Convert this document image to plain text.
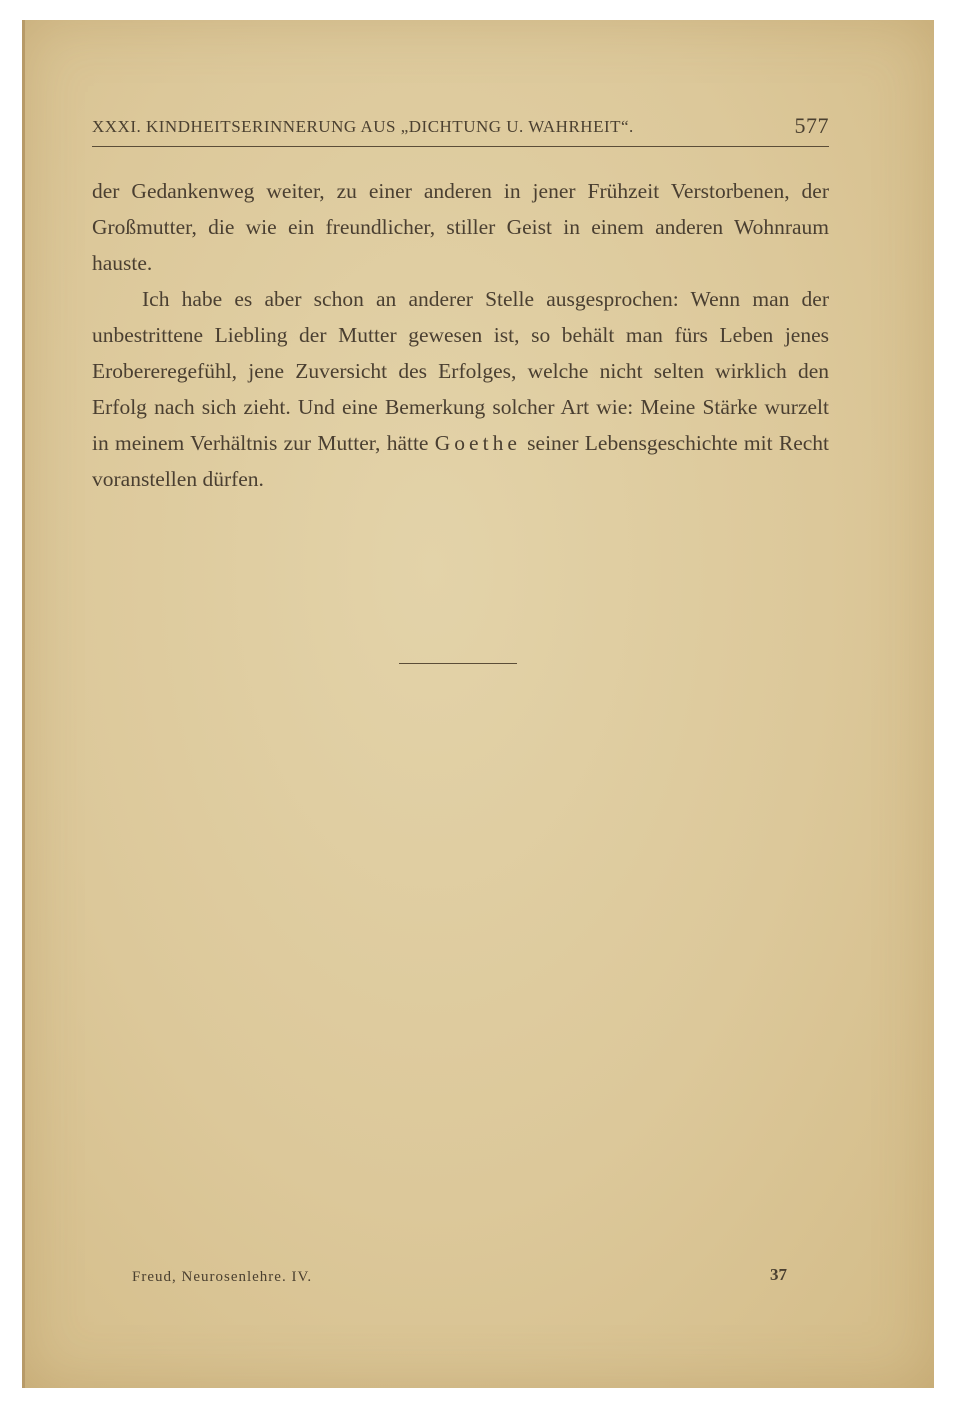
XXXI. KINDHEITSERINNERUNG AUS „DICHTUNG U. WAHRHEIT“.	577

der Gedankenweg weiter, zu einer anderen in jener Frühzeit Verstorbenen, der Großmutter, die wie ein freundlicher, stiller Geist in einem anderen Wohnraum hauste.

Ich habe es aber schon an anderer Stelle ausgesprochen: Wenn man der unbestrittene Liebling der Mutter gewesen ist, so behält man fürs Leben jenes Erobereregefühl, jene Zuversicht des Erfolges, welche nicht selten wirklich den Erfolg nach sich zieht. Und eine Bemerkung solcher Art wie: Meine Stärke wurzelt in meinem Verhältnis zur Mutter, hätte Goethe seiner Lebensgeschichte mit Recht voranstellen dürfen.

Freud, Neurosenlehre. IV.	37
